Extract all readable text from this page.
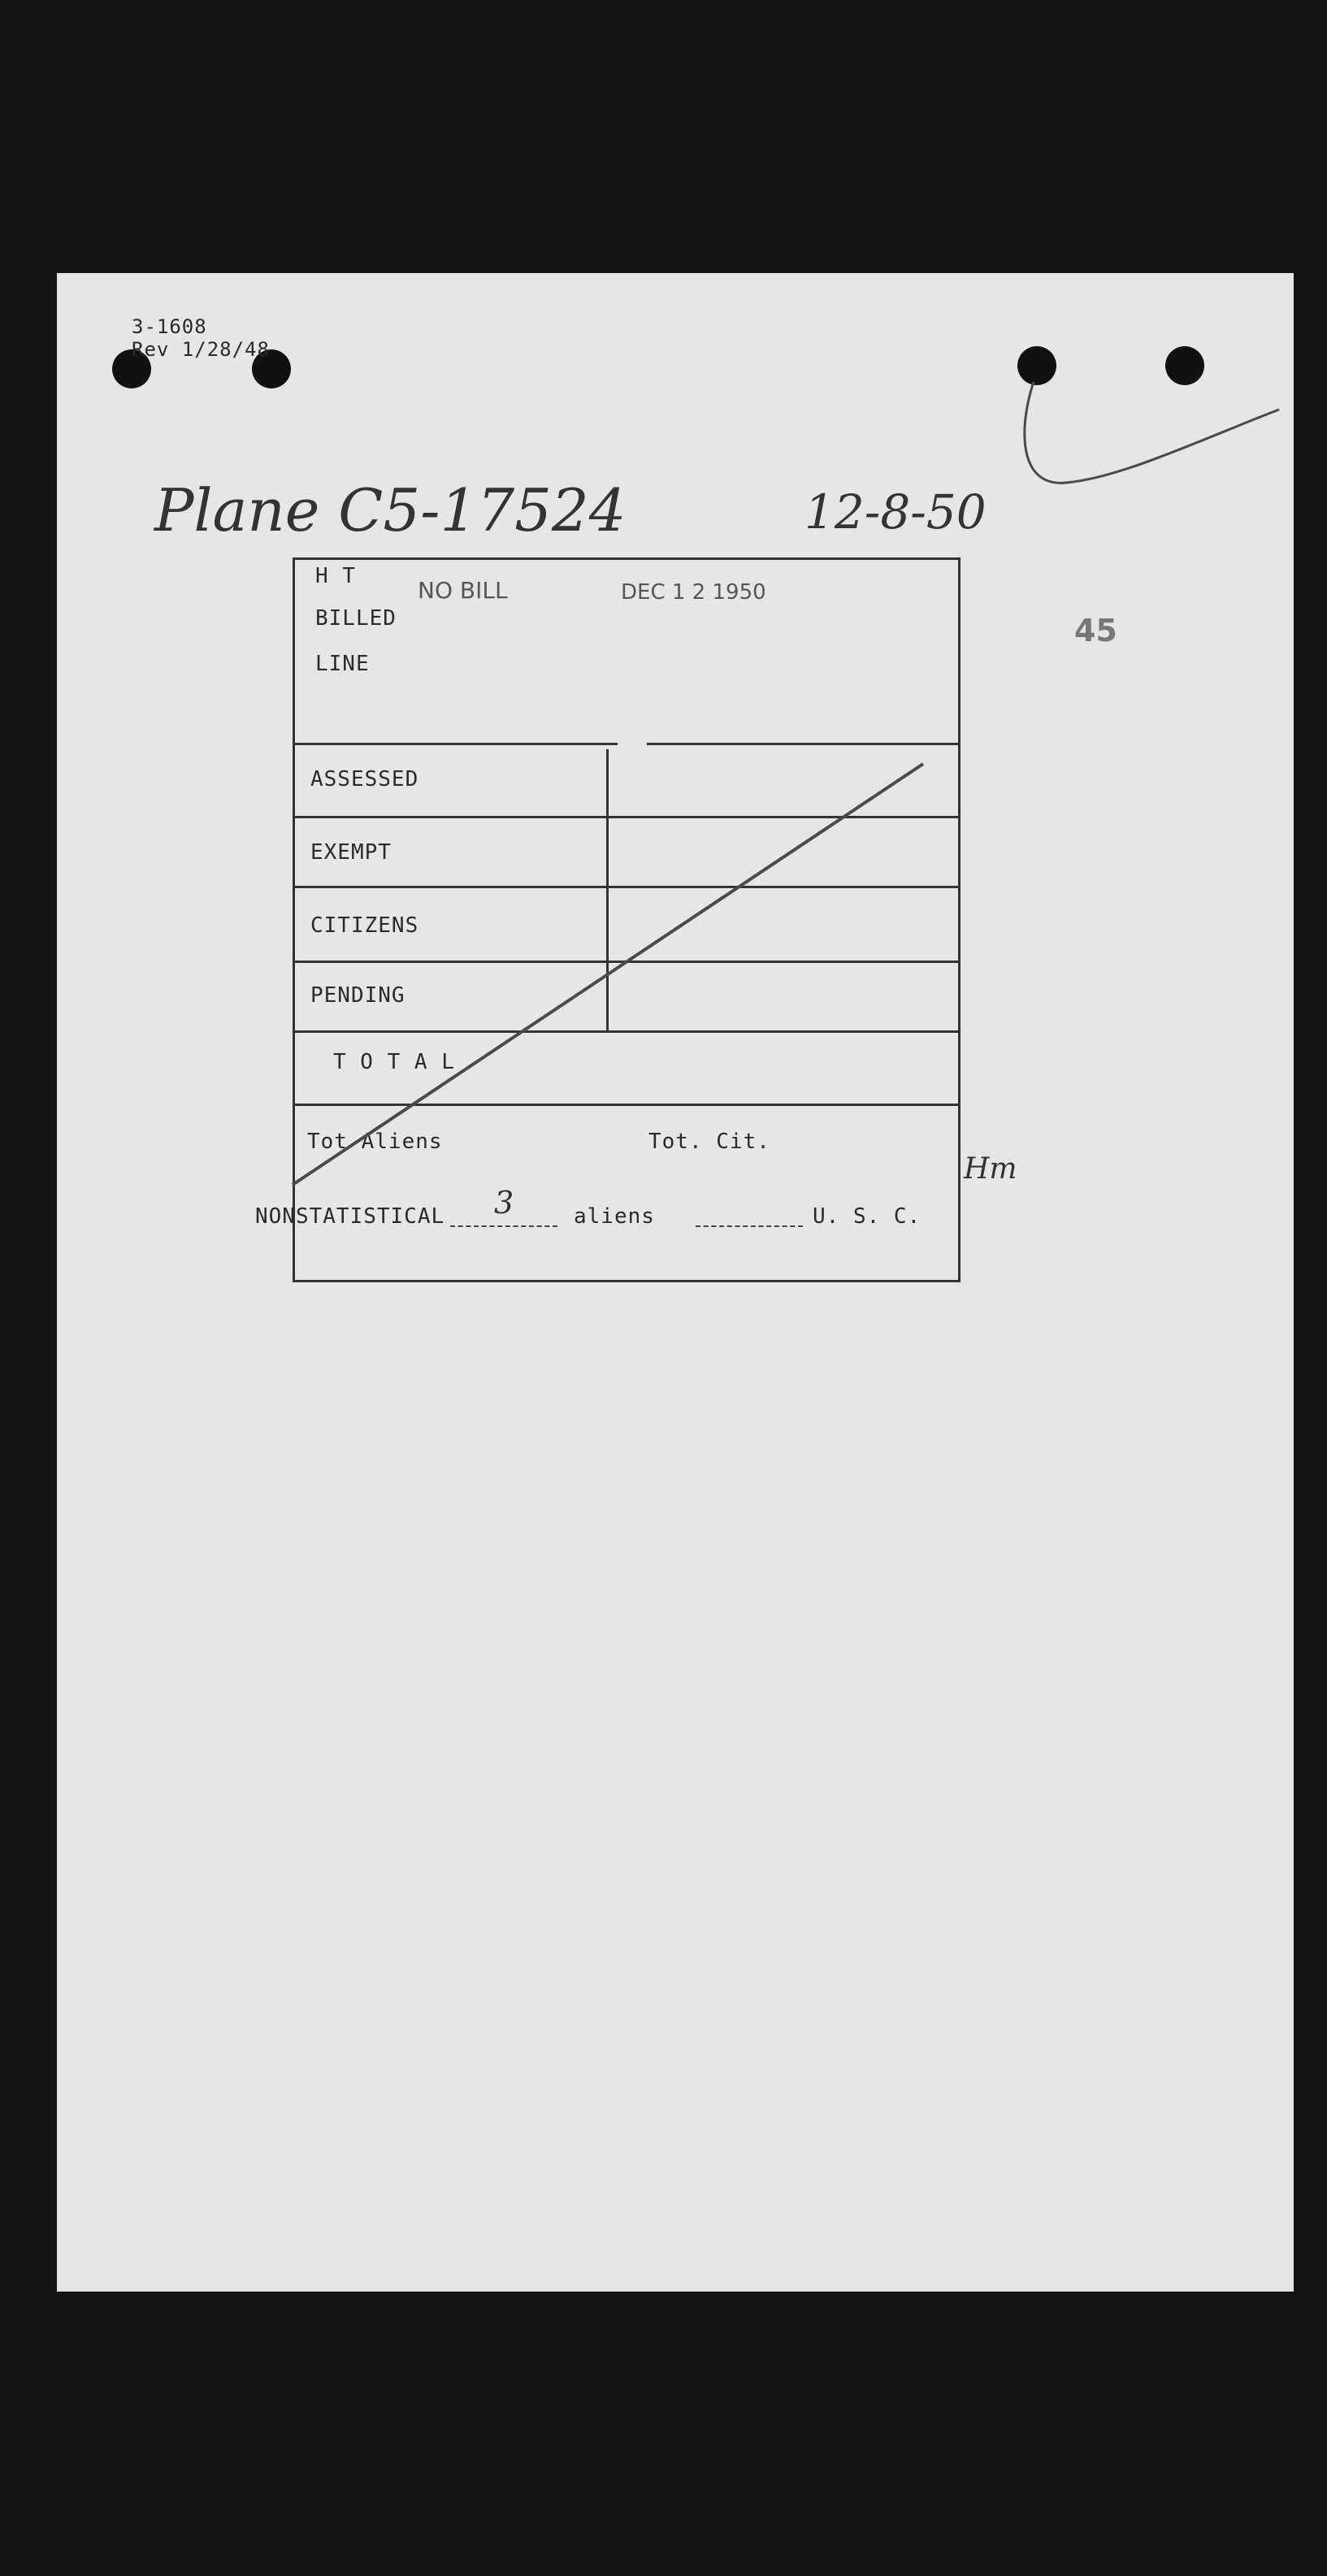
3-1608
Rev 1/28/48
Plane C5-17524	12-8-50
45
H T
BILLED
LINE
NO BILL	DEC 1 2 1950
ASSESSED
EXEMPT
CITIZENS
PENDING
T O T A L
Tot Aliens	Tot. Cit.
Hm
NONSTATISTICAL 3	aliens	U. S. C.
